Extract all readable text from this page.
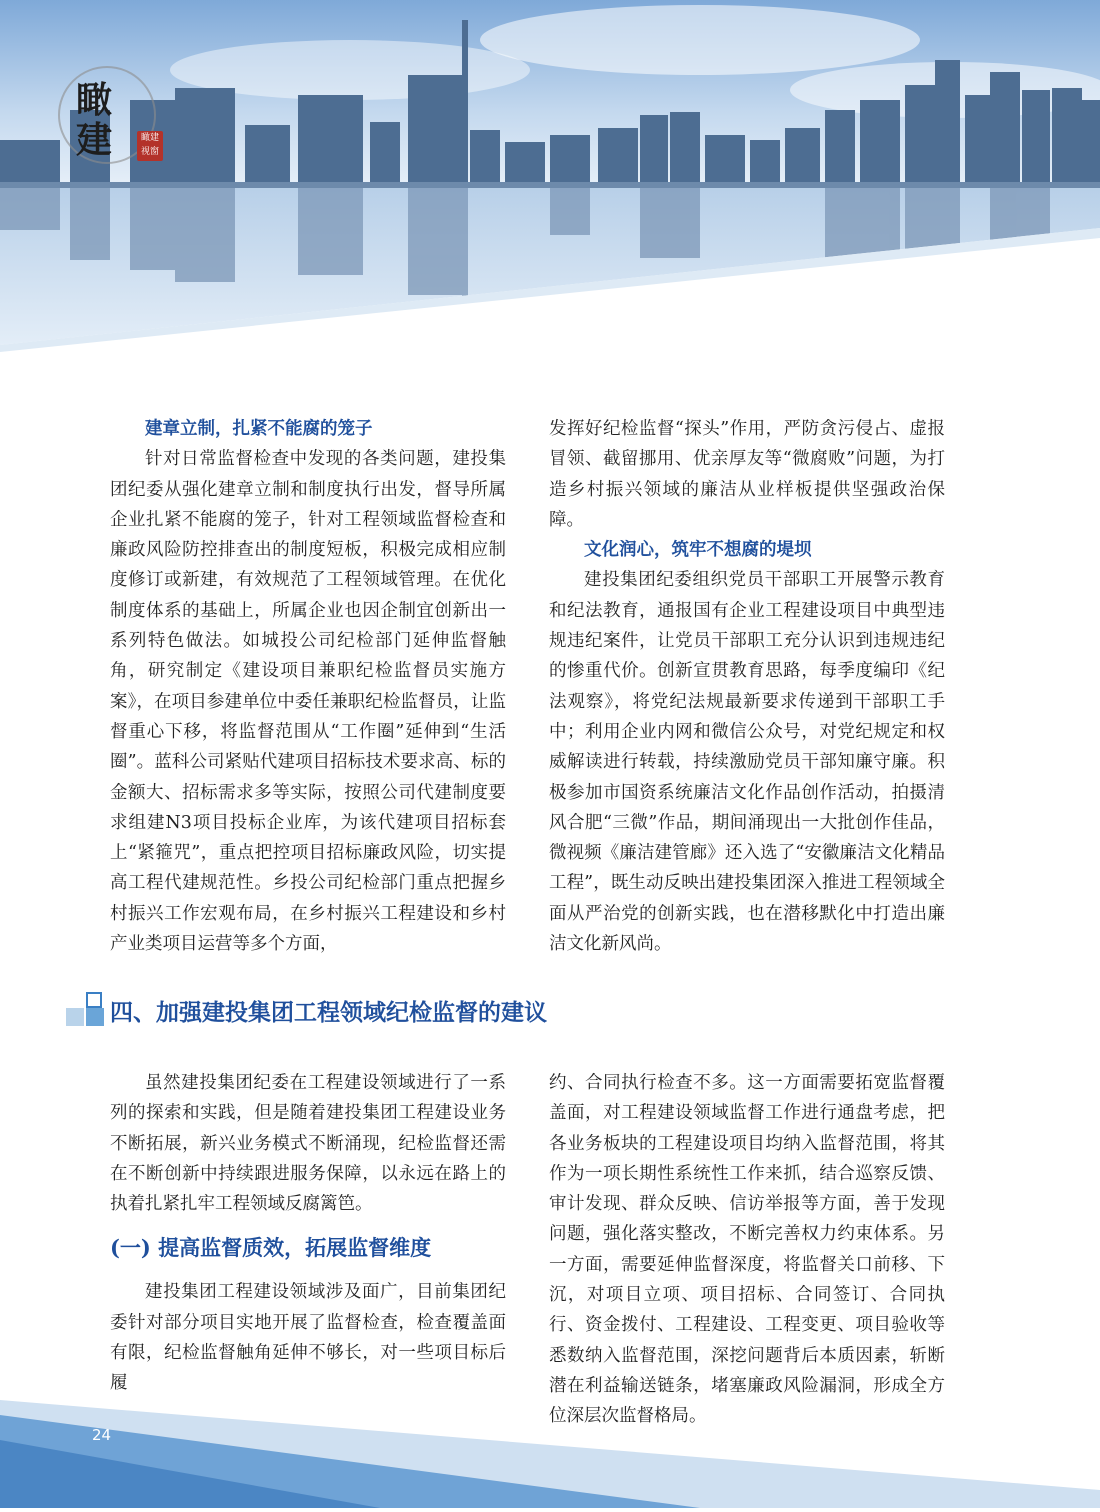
瞰
建	瞰建视窗
建章立制，扎紧不能腐的笼子

针对日常监督检查中发现的各类问题，建投集团纪委从强化建章立制和制度执行出发，督导所属企业扎紧不能腐的笼子，针对工程领域监督检查和廉政风险防控排查出的制度短板，积极完成相应制度修订或新建，有效规范了工程领域管理。在优化制度体系的基础上，所属企业也因企制宜创新出一系列特色做法。如城投公司纪检部门延伸监督触角，研究制定《建设项目兼职纪检监督员实施方案》，在项目参建单位中委任兼职纪检监督员，让监督重心下移，将监督范围从“工作圈”延伸到“生活圈”。蓝科公司紧贴代建项目招标技术要求高、标的金额大、招标需求多等实际，按照公司代建制度要求组建N3项目投标企业库，为该代建项目招标套上“紧箍咒”，重点把控项目招标廉政风险，切实提高工程代建规范性。乡投公司纪检部门重点把握乡村振兴工作宏观布局，在乡村振兴工程建设和乡村产业类项目运营等多个方面，

发挥好纪检监督“探头”作用，严防贪污侵占、虚报冒领、截留挪用、优亲厚友等“微腐败”问题，为打造乡村振兴领域的廉洁从业样板提供坚强政治保障。

文化润心，筑牢不想腐的堤坝

建投集团纪委组织党员干部职工开展警示教育和纪法教育，通报国有企业工程建设项目中典型违规违纪案件，让党员干部职工充分认识到违规违纪的惨重代价。创新宣贯教育思路，每季度编印《纪法观察》，将党纪法规最新要求传递到干部职工手中；利用企业内网和微信公众号，对党纪规定和权威解读进行转载，持续激励党员干部知廉守廉。积极参加市国资系统廉洁文化作品创作活动，拍摄清风合肥“三微”作品，期间涌现出一大批创作佳品，微视频《廉洁建管廊》还入选了“安徽廉洁文化精品工程”，既生动反映出建投集团深入推进工程领域全面从严治党的创新实践，也在潜移默化中打造出廉洁文化新风尚。

四、加强建投集团工程领域纪检监督的建议

虽然建投集团纪委在工程建设领域进行了一系列的探索和实践，但是随着建投集团工程建设业务不断拓展，新兴业务模式不断涌现，纪检监督还需在不断创新中持续跟进服务保障，以永远在路上的执着扎紧扎牢工程领域反腐篱笆。

(一) 提高监督质效，拓展监督维度

建投集团工程建设领域涉及面广，目前集团纪委针对部分项目实地开展了监督检查，检查覆盖面有限，纪检监督触角延伸不够长，对一些项目标后履

约、合同执行检查不多。这一方面需要拓宽监督覆盖面，对工程建设领域监督工作进行通盘考虑，把各业务板块的工程建设项目均纳入监督范围，将其作为一项长期性系统性工作来抓，结合巡察反馈、审计发现、群众反映、信访举报等方面，善于发现问题，强化落实整改，不断完善权力约束体系。另一方面，需要延伸监督深度，将监督关口前移、下沉，对项目立项、项目招标、合同签订、合同执行、资金拨付、工程建设、工程变更、项目验收等悉数纳入监督范围，深挖问题背后本质因素，斩断潜在利益输送链条，堵塞廉政风险漏洞，形成全方位深层次监督格局。

24
